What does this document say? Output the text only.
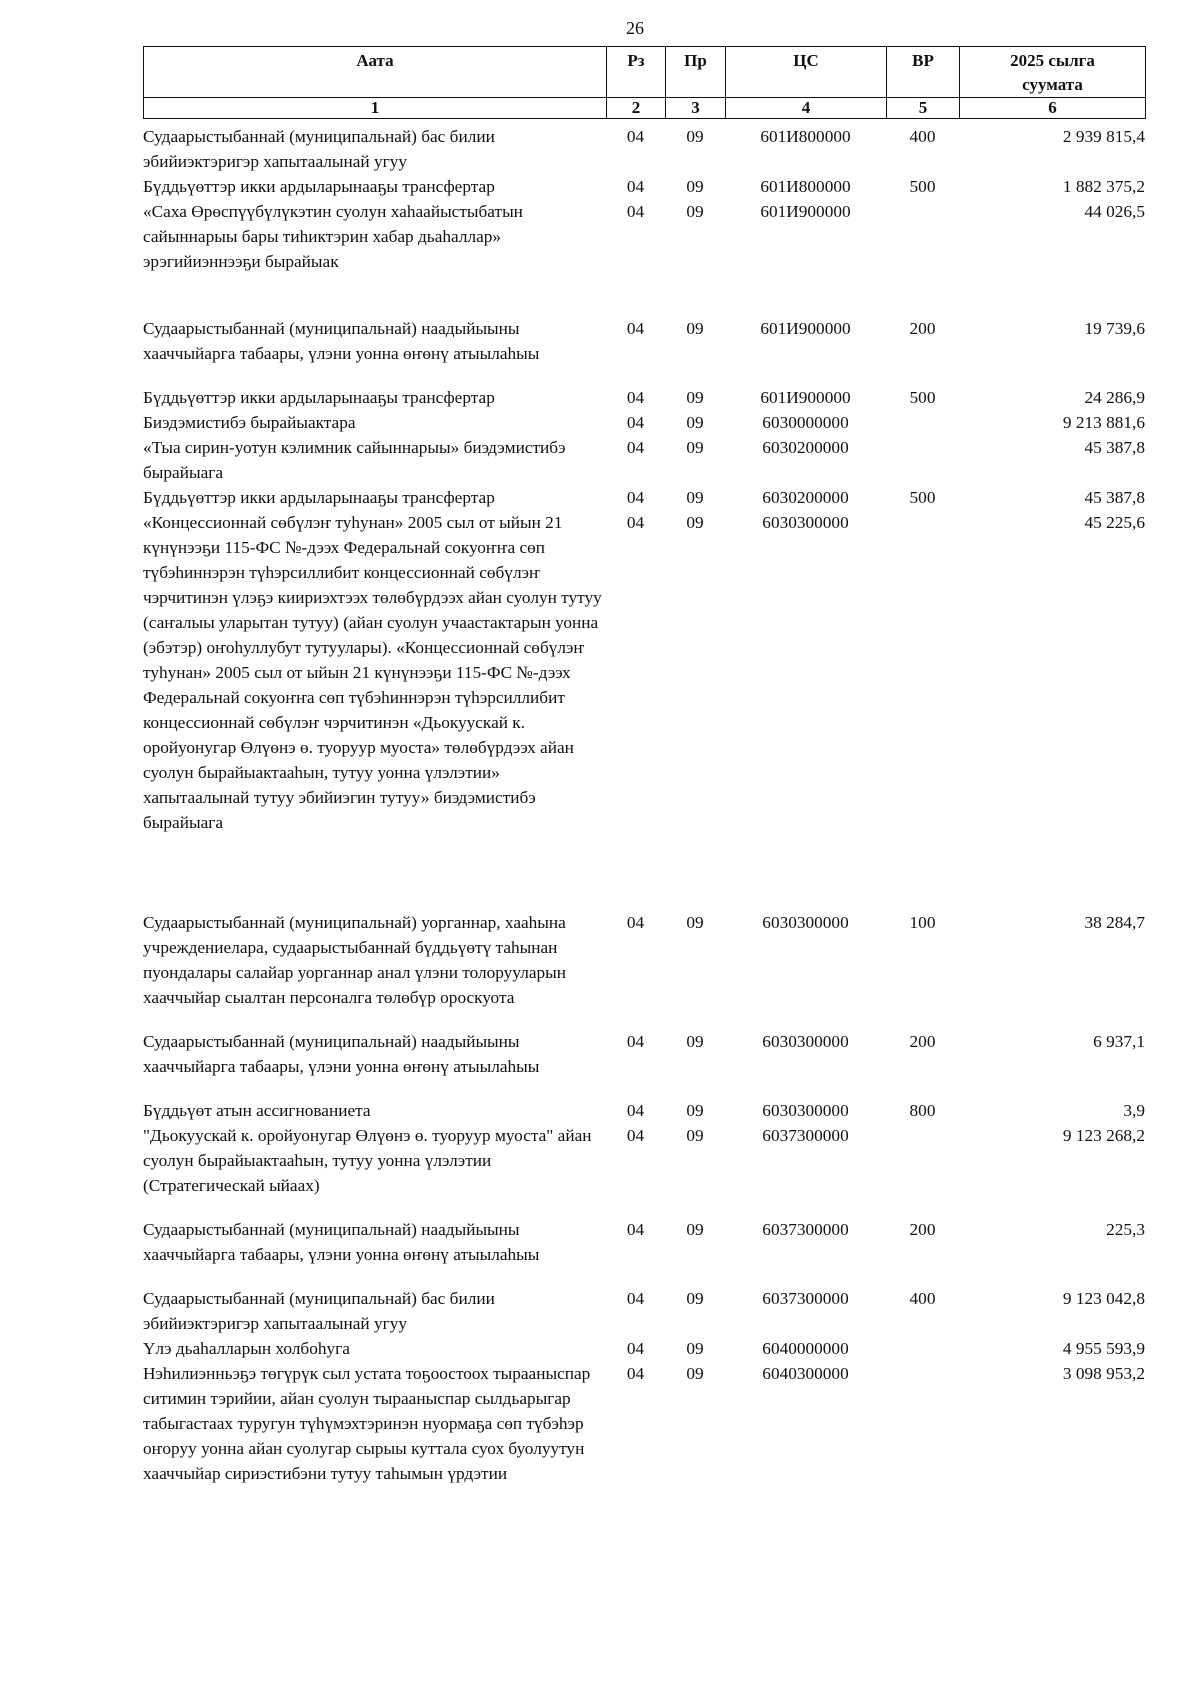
26
Аата	Рз	Пр	ЦС	ВР	2025 сылга суумата
1	2	3	4	5	6
Судаарыстыбаннай (муниципальнай) бас билии эбийиэктэригэр хапытаалынай угуу	04	09	601И800000	400	2 939 815,4
Бүддьүөттэр икки ардыларынааҕы трансфертар	04	09	601И800000	500	1 882 375,2
«Саха Өрөспүүбүлүкэтин суолун хаһаайыстыбатын сайыннарыы бары тиһиктэрин хабар дьаһаллар» эрэгийиэннээҕи бырайыак	04	09	601И900000		44 026,5

Судаарыстыбаннай (муниципальнай) наадыйыыны хааччыйарга табаары, үлэни уонна өҥөнү атыылаһыы	04	09	601И900000	200	19 739,6

Бүддьүөттэр икки ардыларынааҕы трансфертар	04	09	601И900000	500	24 286,9
Биэдэмистибэ бырайыактара	04	09	6030000000		9 213 881,6
«Тыа сирин-уотун кэлимник сайыннарыы» биэдэмистибэ бырайыага	04	09	6030200000		45 387,8
Бүддьүөттэр икки ардыларынааҕы трансфертар	04	09	6030200000	500	45 387,8
«Концессионнай сөбүлэҥ туһунан» 2005 сыл от ыйын 21 күнүнээҕи 115-ФС №-дээх Федеральнай сокуоҥҥа сөп түбэһиннэрэн түһэрсиллибит концессионнай сөбүлэҥ чэрчитинэн үлэҕэ киириэхтээх төлөбүрдээх айан суолун тутуу (саҥалыы уларытан тутуу) (айан суолун учаастактарын уонна (эбэтэр) оҥоһуллубут тутуулары). «Концессионнай сөбүлэҥ туһунан» 2005 сыл от ыйын 21 күнүнээҕи 115-ФС №-дээх Федеральнай сокуоҥҥа сөп түбэһиннэрэн түһэрсиллибит концессионнай сөбүлэҥ чэрчитинэн «Дьокуускай к. оройуонугар Өлүөнэ ө. туоруур муоста» төлөбүрдээх айан суолун бырайыактааһын, тутуу уонна үлэлэтии» хапытаалынай тутуу эбийиэгин тутуу» биэдэмистибэ бырайыага	04	09	6030300000		45 225,6

Судаарыстыбаннай (муниципальнай) уорганнар, хааһына учреждениелара, судаарыстыбаннай бүддьүөтү таһынан пуондалары салайар уорганнар анал үлэни толорууларын хааччыйар сыалтан персоналга төлөбүр ороскуота	04	09	6030300000	100	38 284,7

Судаарыстыбаннай (муниципальнай) наадыйыыны хааччыйарга табаары, үлэни уонна өҥөнү атыылаһыы	04	09	6030300000	200	6 937,1

Бүддьүөт атын ассигнованиета	04	09	6030300000	800	3,9
"Дьокуускай к. оройуонугар Өлүөнэ ө. туоруур муоста" айан суолун бырайыактааһын, тутуу уонна үлэлэтии (Стратегическай ыйаах)	04	09	6037300000		9 123 268,2

Судаарыстыбаннай (муниципальнай) наадыйыыны хааччыйарга табаары, үлэни уонна өҥөнү атыылаһыы	04	09	6037300000	200	225,3

Судаарыстыбаннай (муниципальнай) бас билии эбийиэктэригэр хапытаалынай угуу	04	09	6037300000	400	9 123 042,8
Үлэ дьаһалларын холбоһуга	04	09	6040000000		4 955 593,9
Нэһилиэнньэҕэ төгүрүк сыл устата тоҕоостоох тырааныспар ситимин тэрийии, айан суолун тырааныспар сылдьарыгар табыгастаах туругун түһүмэхтэринэн нуормаҕа сөп түбэһэр оҥоруу уонна айан суолугар сырыы куттала суох буолуутун хааччыйар сириэстибэни тутуу таһымын үрдэтии	04	09	6040300000		3 098 953,2
